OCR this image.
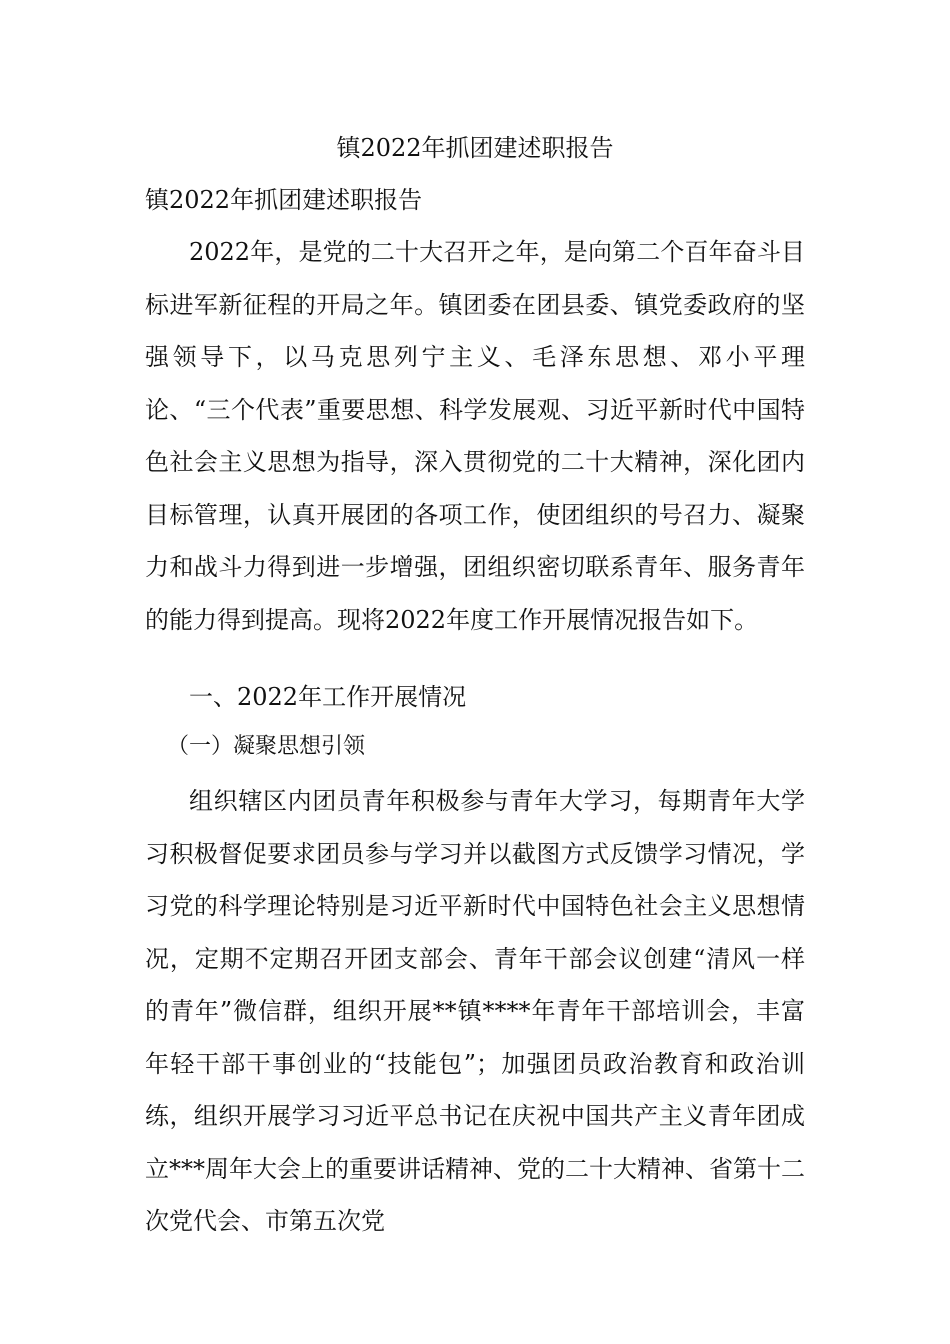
镇2022年抓团建述职报告
镇2022年抓团建述职报告

2022年，是党的二十大召开之年，是向第二个百年奋斗目标进军新征程的开局之年。镇团委在团县委、镇党委政府的坚强领导下，以马克思列宁主义、毛泽东思想、邓小平理论、“三个代表”重要思想、科学发展观、习近平新时代中国特色社会主义思想为指导，深入贯彻党的二十大精神，深化团内目标管理，认真开展团的各项工作，使团组织的号召力、凝聚力和战斗力得到进一步增强，团组织密切联系青年、服务青年的能力得到提高。现将2022年度工作开展情况报告如下。

一、2022年工作开展情况
（一）凝聚思想引领

组织辖区内团员青年积极参与青年大学习，每期青年大学习积极督促要求团员参与学习并以截图方式反馈学习情况，学习党的科学理论特别是习近平新时代中国特色社会主义思想情况，定期不定期召开团支部会、青年干部会议创建“清风一样的青年”微信群，组织开展**镇****年青年干部培训会，丰富年轻干部干事创业的“技能包”；加强团员政治教育和政治训练，组织开展学习习近平总书记在庆祝中国共产主义青年团成立***周年大会上的重要讲话精神、党的二十大精神、省第十二次党代会、市第五次党
